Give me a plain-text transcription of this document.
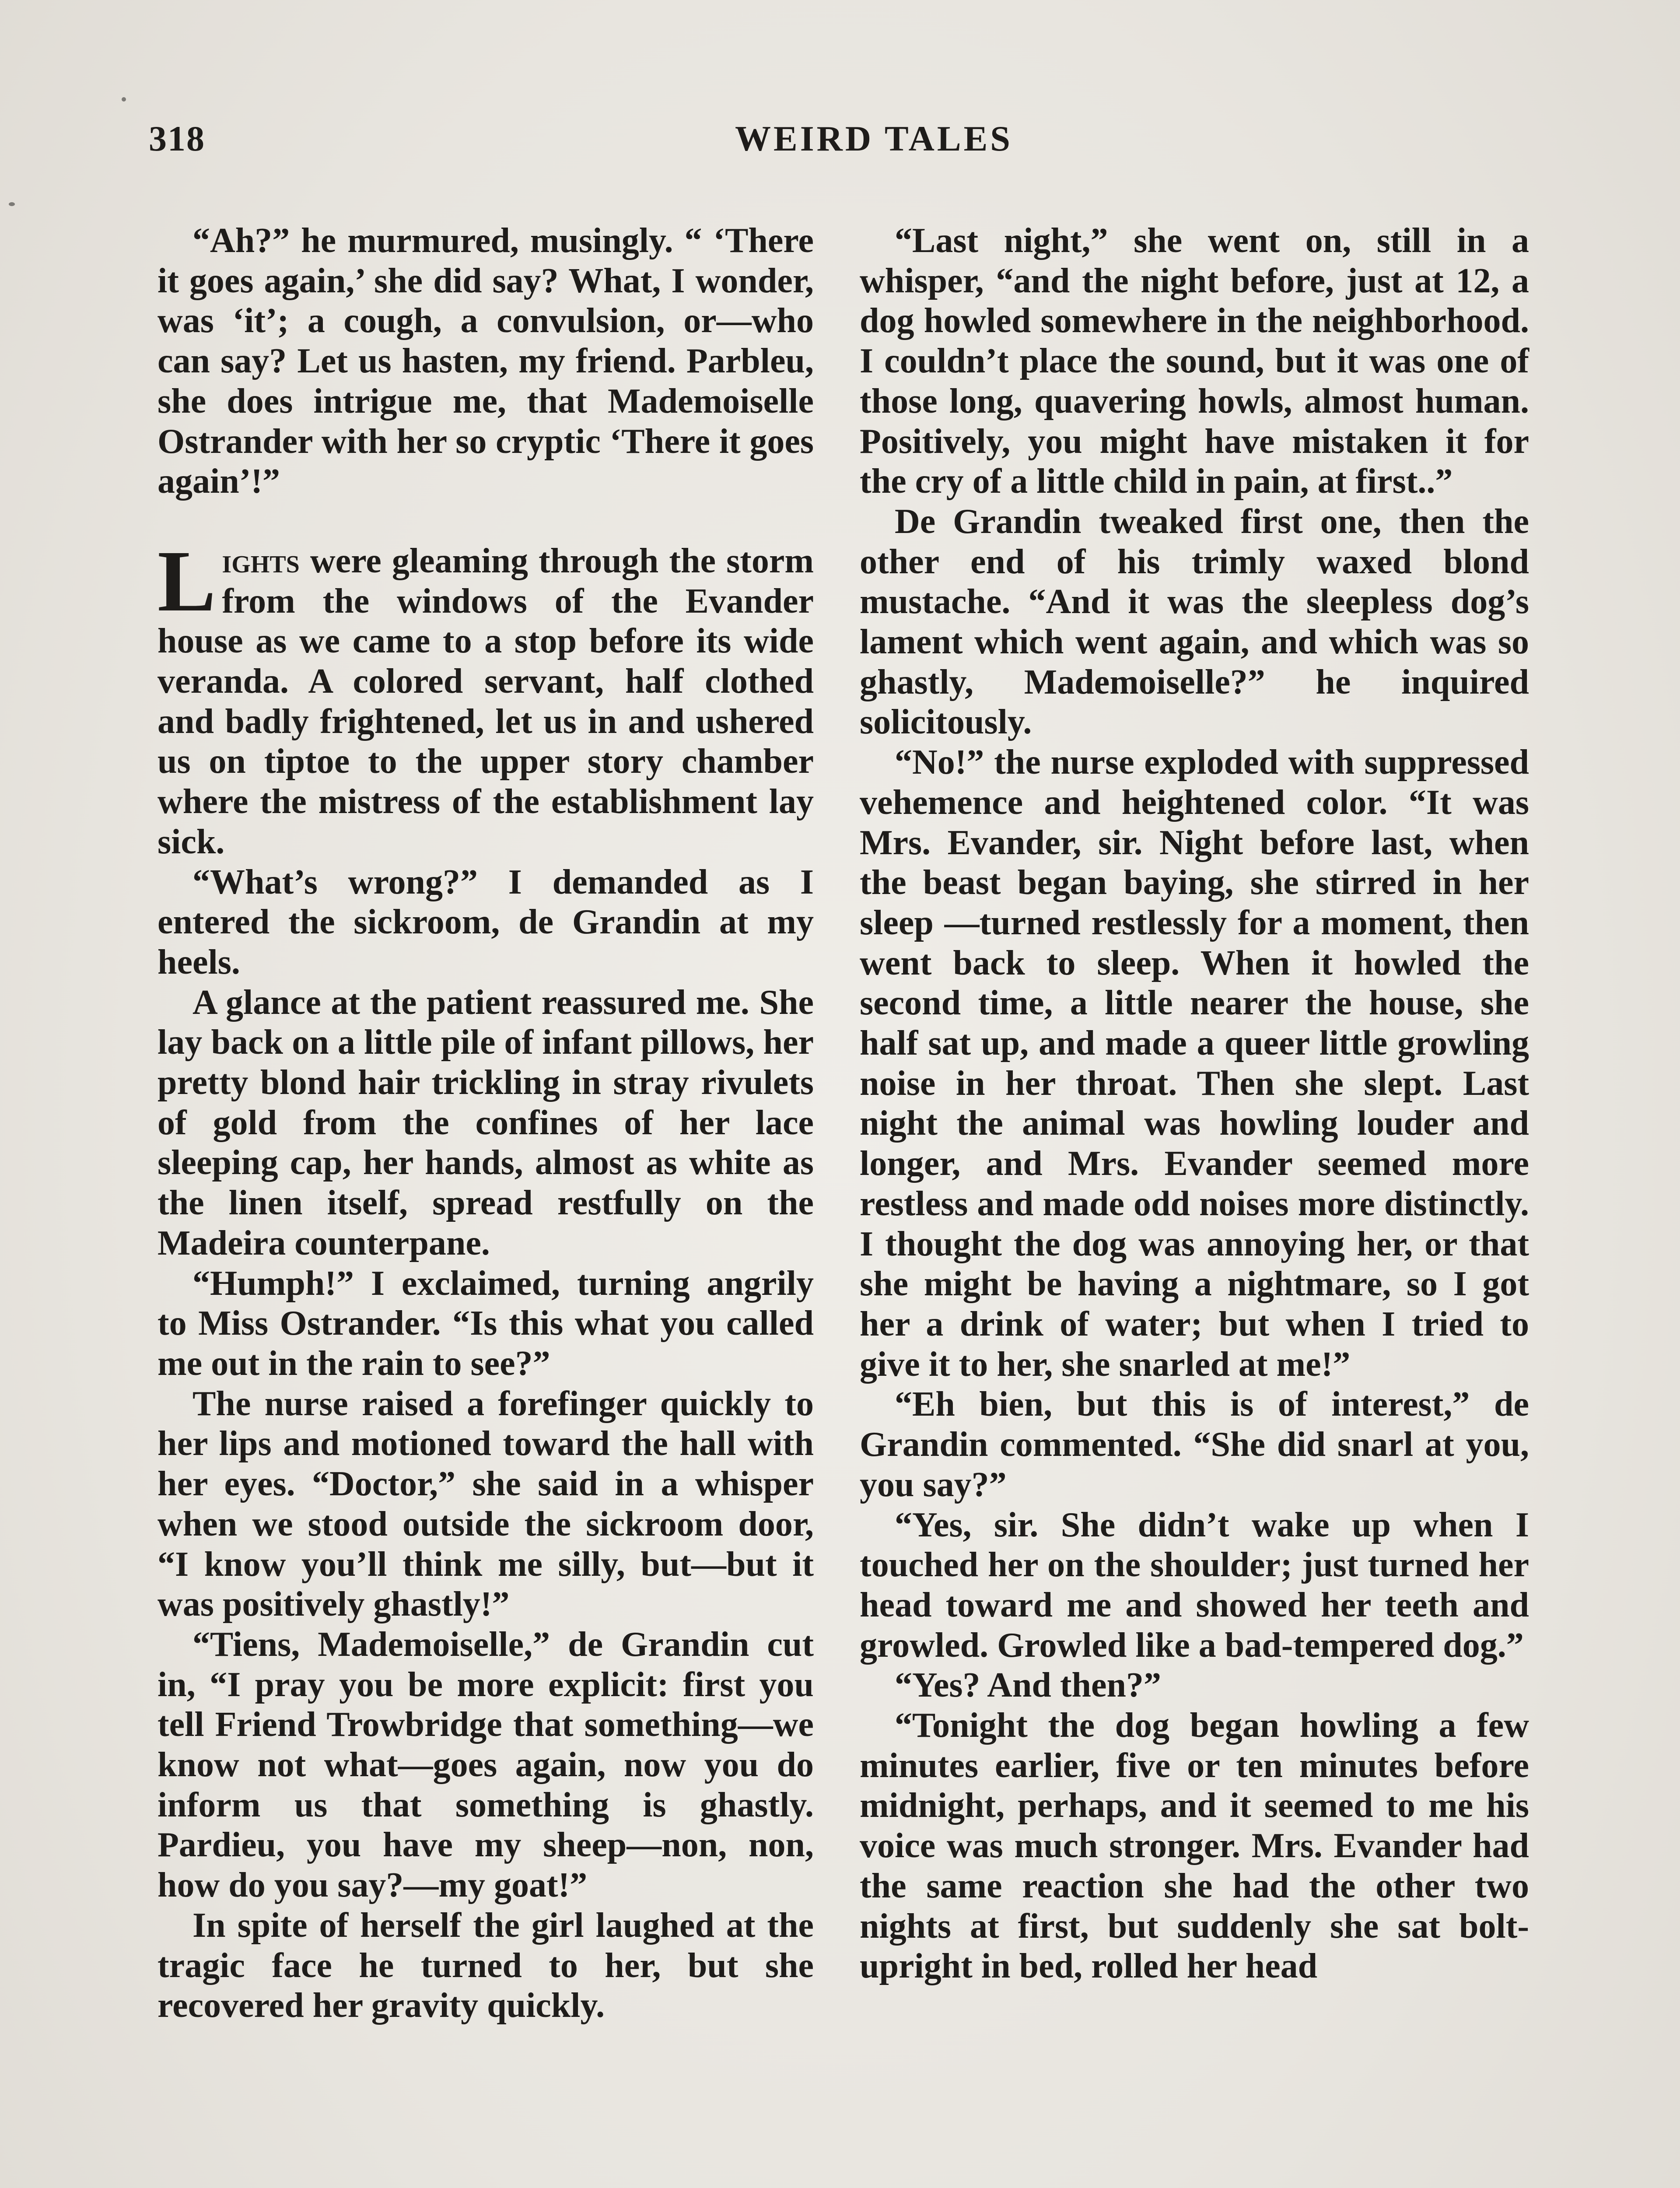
318	WEIRD TALES

“Ah?” he murmured, musingly. “ ‘There it goes again,’ she did say? What, I wonder, was ‘it’; a cough, a convulsion, or—who can say? Let us hasten, my friend. Parbleu, she does intrigue me, that Mademoiselle Ostrander with her so cryptic ‘There it goes again’!”

Lights were gleaming through the storm from the windows of the Evander house as we came to a stop before its wide veranda. A colored servant, half clothed and badly frightened, let us in and ushered us on tiptoe to the upper story chamber where the mistress of the establishment lay sick.

“What’s wrong?” I demanded as I entered the sickroom, de Grandin at my heels.

A glance at the patient reassured me. She lay back on a little pile of infant pillows, her pretty blond hair trickling in stray rivulets of gold from the confines of her lace sleeping cap, her hands, almost as white as the linen itself, spread restfully on the Madeira counterpane.

“Humph!” I exclaimed, turning angrily to Miss Ostrander. “Is this what you called me out in the rain to see?”

The nurse raised a forefinger quickly to her lips and motioned toward the hall with her eyes. “Doctor,” she said in a whisper when we stood outside the sickroom door, “I know you’ll think me silly, but—but it was positively ghastly!”

“Tiens, Mademoiselle,” de Grandin cut in, “I pray you be more explicit: first you tell Friend Trowbridge that something—we know not what—goes again, now you do inform us that something is ghastly. Pardieu, you have my sheep—non, non, how do you say?—my goat!”

In spite of herself the girl laughed at the tragic face he turned to her, but she recovered her gravity quickly.

“Last night,” she went on, still in a whisper, “and the night before, just at 12, a dog howled somewhere in the neighborhood. I couldn’t place the sound, but it was one of those long, quavering howls, almost human. Positively, you might have mistaken it for the cry of a little child in pain, at first..”

De Grandin tweaked first one, then the other end of his trimly waxed blond mustache. “And it was the sleepless dog’s lament which went again, and which was so ghastly, Mademoiselle?” he inquired solicitously.

“No!” the nurse exploded with suppressed vehemence and heightened color. “It was Mrs. Evander, sir. Night before last, when the beast began baying, she stirred in her sleep —turned restlessly for a moment, then went back to sleep. When it howled the second time, a little nearer the house, she half sat up, and made a queer little growling noise in her throat. Then she slept. Last night the animal was howling louder and longer, and Mrs. Evander seemed more restless and made odd noises more distinctly. I thought the dog was annoying her, or that she might be having a nightmare, so I got her a drink of water; but when I tried to give it to her, she snarled at me!”

“Eh bien, but this is of interest,” de Grandin commented. “She did snarl at you, you say?”

“Yes, sir. She didn’t wake up when I touched her on the shoulder; just turned her head toward me and showed her teeth and growled. Growled like a bad-tempered dog.”

“Yes? And then?”

“Tonight the dog began howling a few minutes earlier, five or ten minutes before midnight, perhaps, and it seemed to me his voice was much stronger. Mrs. Evander had the same reaction she had the other two nights at first, but suddenly she sat bolt-upright in bed, rolled her head
